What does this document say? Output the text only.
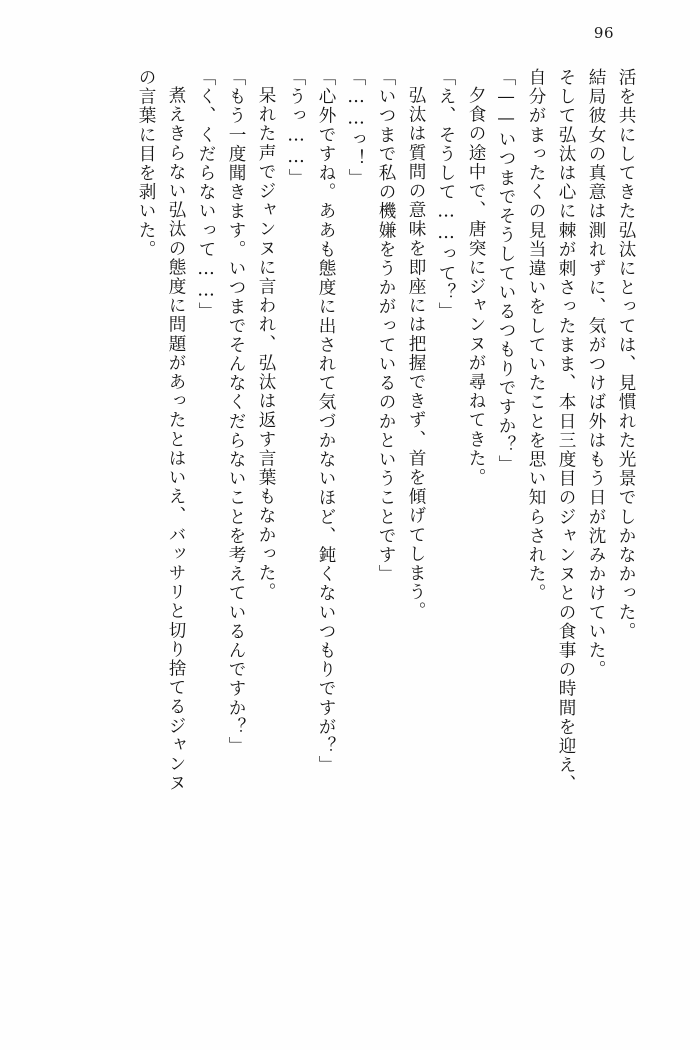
96
活を共にしてきた弘汰にとっては、見慣れた光景でしかなかった。
結局彼女の真意は測れずに、気がつけば外はもう日が沈みかけていた。
そして弘汰は心に棘が刺さったまま、本日三度目のジャンヌとの食事の時間を迎え、
自分がまったくの見当違いをしていたことを思い知らされた。
「——いつまでそうしているつもりですか？」
夕食の途中で、唐突にジャンヌが尋ねてきた。
「え、そうして……って？」
弘汰は質問の意味を即座には把握できず、首を傾げてしまう。
「いつまで私の機嫌をうかがっているのかということです」
「……っ！」
「心外ですね。ああも態度に出されて気づかないほど、鈍くないつもりですが？」
「うっ……」
呆れた声でジャンヌに言われ、弘汰は返す言葉もなかった。
「もう一度聞きます。いつまでそんなくだらないことを考えているんですか？」
「く、くだらないって……」
煮えきらない弘汰の態度に問題があったとはいえ、バッサリと切り捨てるジャンヌ
の言葉に目を剥いた。
